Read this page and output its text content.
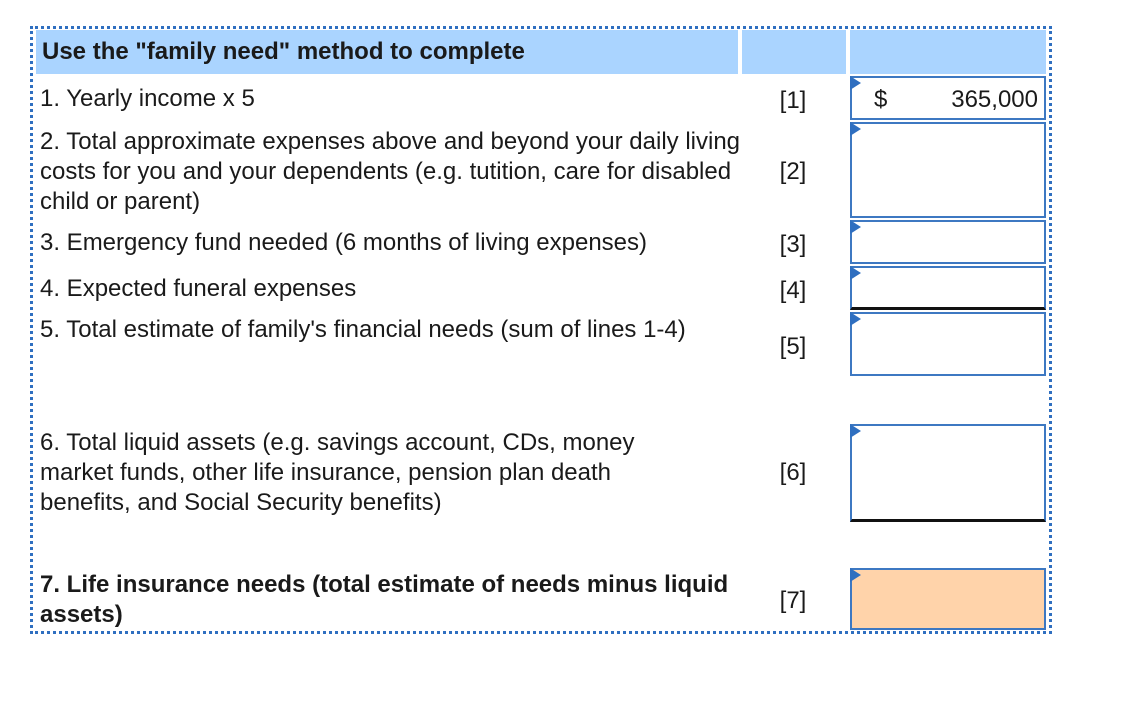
Use the "family need" method to complete
1. Yearly income x 5	[1]	$	365,000
2. Total approximate expenses above and beyond your daily living costs for you and your dependents (e.g. tutition, care for disabled child or parent)
[2]
3. Emergency fund needed (6 months of living expenses)	[3]
4. Expected funeral expenses	[4]
5. Total estimate of family's financial needs (sum of lines 1-4)
[5]
6. Total liquid assets (e.g. savings account, CDs, money market funds, other life insurance, pension plan death benefits, and Social Security benefits)
[6]
7. Life insurance needs (total estimate of needs minus liquid assets)
[7]
